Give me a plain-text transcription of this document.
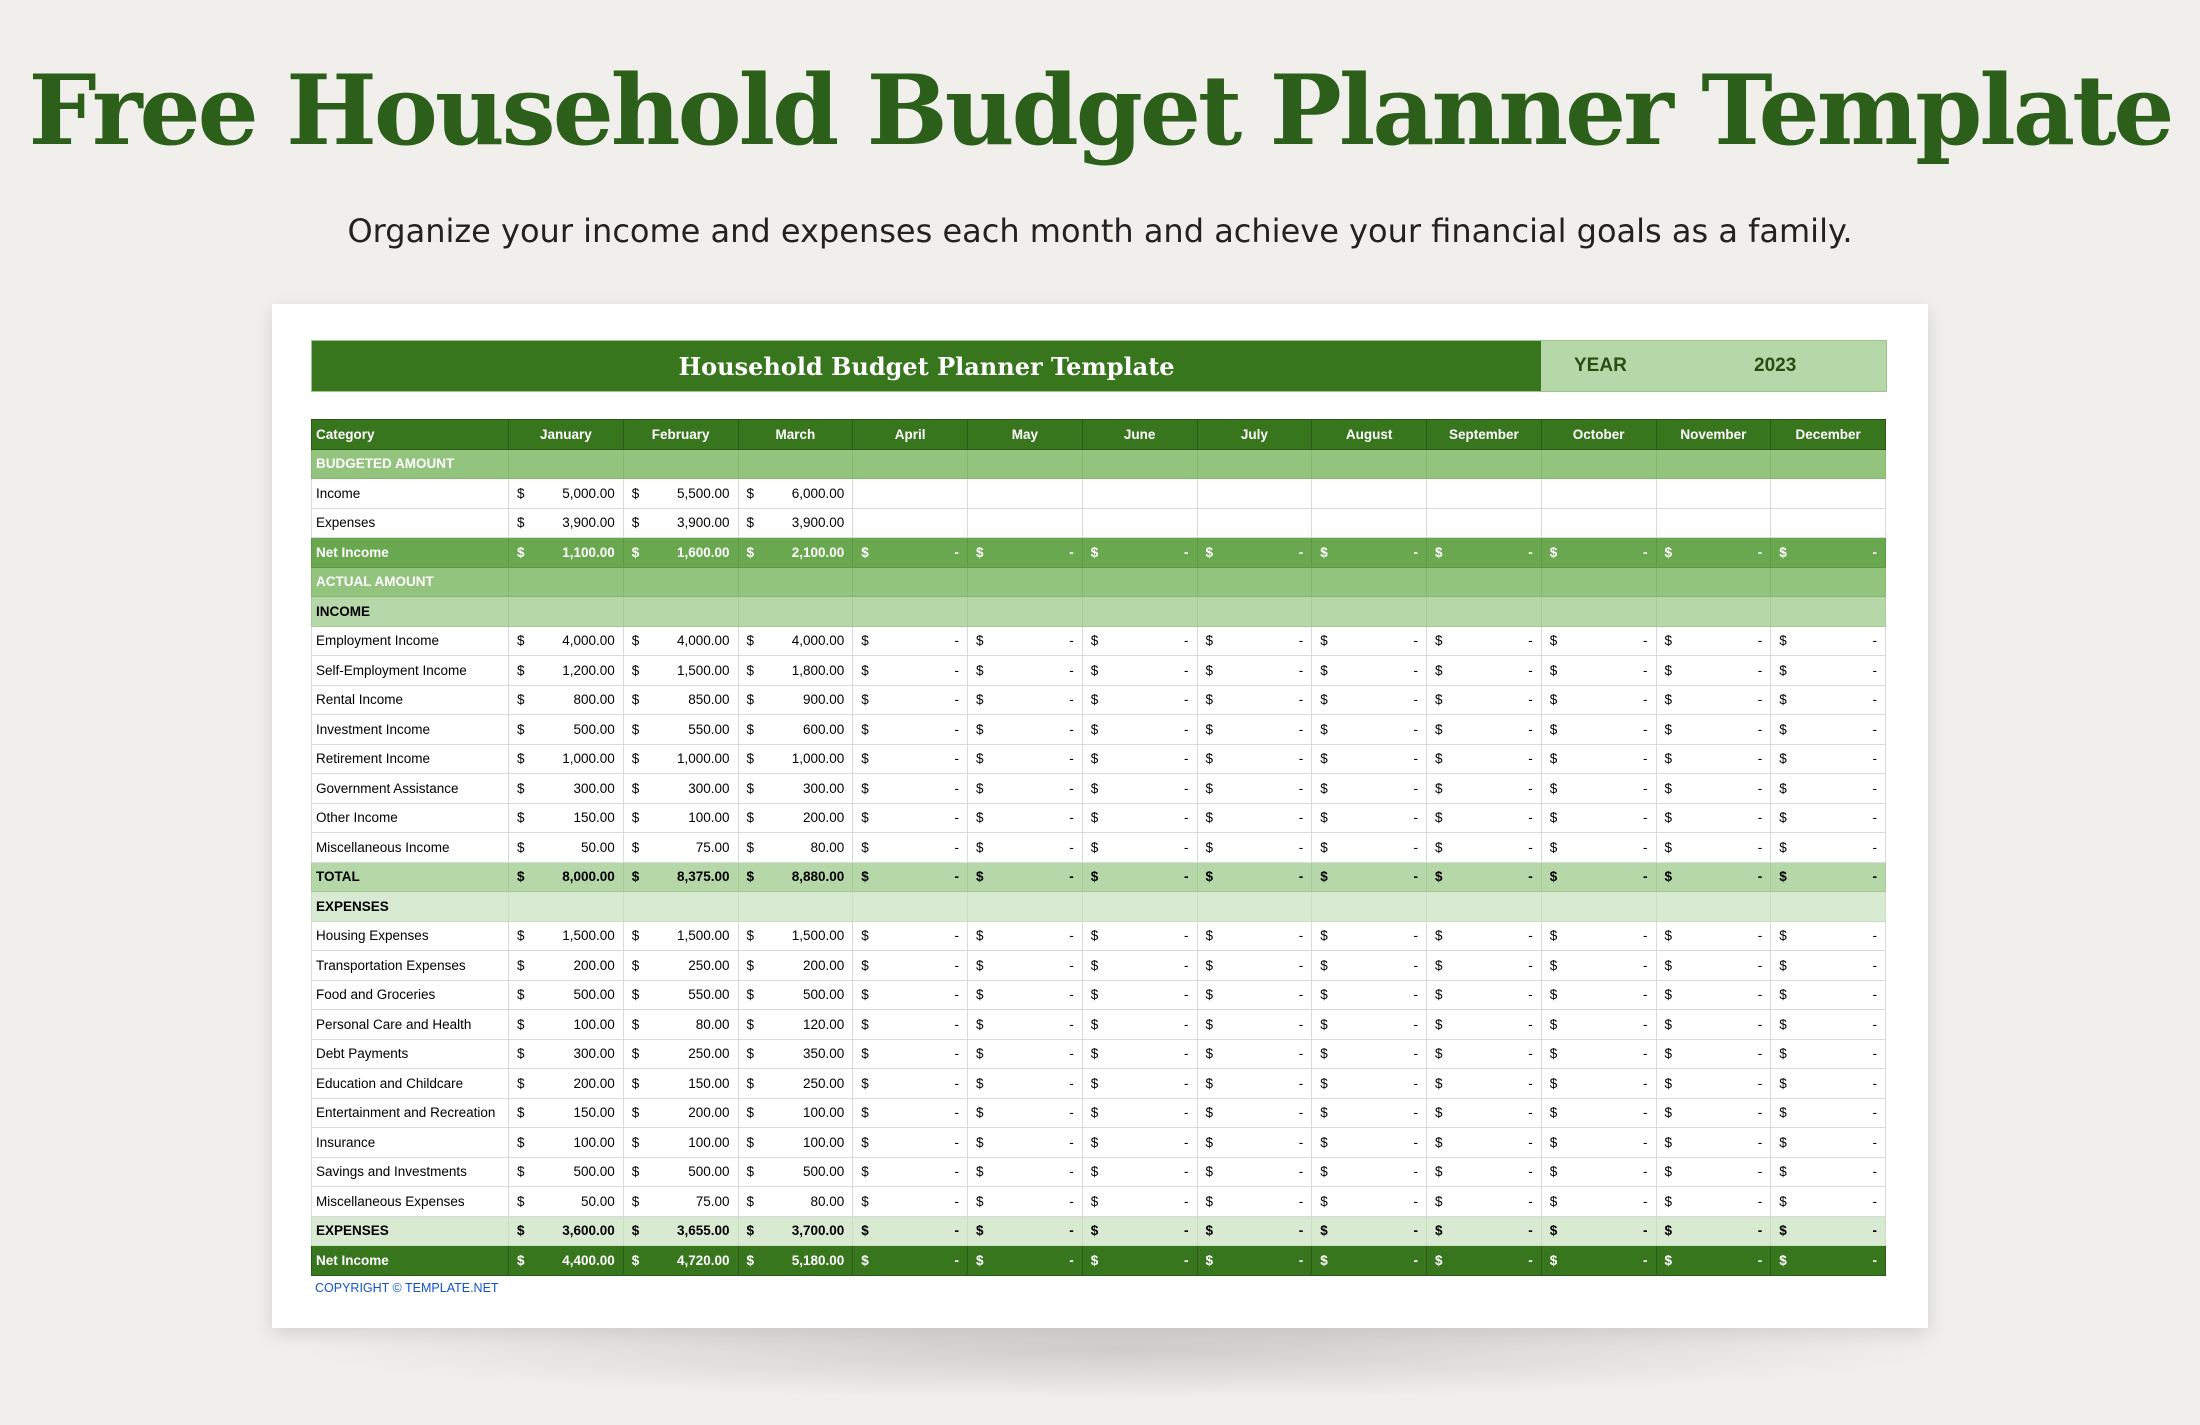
Free Household Budget Planner Template

Organize your income and expenses each month and achieve your financial goals as a family.

Household Budget Planner Template	YEAR	2023
Category	January	February	March	April	May	June	July	August	September	October	November	December
BUDGETED AMOUNT												
Income	$ 5,000.00	$ 5,500.00	$ 6,000.00									

Expenses	$ 3,900.00	$ 3,900.00	$ 3,900.00									

Net Income	$ 1,100.00	$ 1,600.00	$ 2,100.00	$ -	$ -	$ -	$ -	$ -	$ -	$ -	$ -	$ -

ACTUAL AMOUNT												
INCOME												
Employment Income	$ 4,000.00	$ 4,000.00	$ 4,000.00	$ -	$ -	$ -	$ -	$ -	$ -	$ -	$ -	$ -

Self-Employment Income	$ 1,200.00	$ 1,500.00	$ 1,800.00	$ -	$ -	$ -	$ -	$ -	$ -	$ -	$ -	$ -

Rental Income	$ 800.00	$ 850.00	$ 900.00	$ -	$ -	$ -	$ -	$ -	$ -	$ -	$ -	$ -

Investment Income	$ 500.00	$ 550.00	$ 600.00	$ -	$ -	$ -	$ -	$ -	$ -	$ -	$ -	$ -

Retirement Income	$ 1,000.00	$ 1,000.00	$ 1,000.00	$ -	$ -	$ -	$ -	$ -	$ -	$ -	$ -	$ -

Government Assistance	$ 300.00	$ 300.00	$ 300.00	$ -	$ -	$ -	$ -	$ -	$ -	$ -	$ -	$ -

Other Income	$ 150.00	$ 100.00	$ 200.00	$ -	$ -	$ -	$ -	$ -	$ -	$ -	$ -	$ -

Miscellaneous Income	$ 50.00	$ 75.00	$ 80.00	$ -	$ -	$ -	$ -	$ -	$ -	$ -	$ -	$ -

TOTAL	$ 8,000.00	$ 8,375.00	$ 8,880.00	$ -	$ -	$ -	$ -	$ -	$ -	$ -	$ -	$ -

EXPENSES												
Housing Expenses	$ 1,500.00	$ 1,500.00	$ 1,500.00	$ -	$ -	$ -	$ -	$ -	$ -	$ -	$ -	$ -

Transportation Expenses	$ 200.00	$ 250.00	$ 200.00	$ -	$ -	$ -	$ -	$ -	$ -	$ -	$ -	$ -

Food and Groceries	$ 500.00	$ 550.00	$ 500.00	$ -	$ -	$ -	$ -	$ -	$ -	$ -	$ -	$ -

Personal Care and Health	$ 100.00	$ 80.00	$ 120.00	$ -	$ -	$ -	$ -	$ -	$ -	$ -	$ -	$ -

Debt Payments	$ 300.00	$ 250.00	$ 350.00	$ -	$ -	$ -	$ -	$ -	$ -	$ -	$ -	$ -

Education and Childcare	$ 200.00	$ 150.00	$ 250.00	$ -	$ -	$ -	$ -	$ -	$ -	$ -	$ -	$ -

Entertainment and Recreation	$ 150.00	$ 200.00	$ 100.00	$ -	$ -	$ -	$ -	$ -	$ -	$ -	$ -	$ -

Insurance	$ 100.00	$ 100.00	$ 100.00	$ -	$ -	$ -	$ -	$ -	$ -	$ -	$ -	$ -

Savings and Investments	$ 500.00	$ 500.00	$ 500.00	$ -	$ -	$ -	$ -	$ -	$ -	$ -	$ -	$ -

Miscellaneous Expenses	$ 50.00	$ 75.00	$ 80.00	$ -	$ -	$ -	$ -	$ -	$ -	$ -	$ -	$ -

EXPENSES	$ 3,600.00	$ 3,655.00	$ 3,700.00	$ -	$ -	$ -	$ -	$ -	$ -	$ -	$ -	$ -

Net Income	$ 4,400.00	$ 4,720.00	$ 5,180.00	$ -	$ -	$ -	$ -	$ -	$ -	$ -	$ -	$ -
COPYRIGHT © TEMPLATE.NET
